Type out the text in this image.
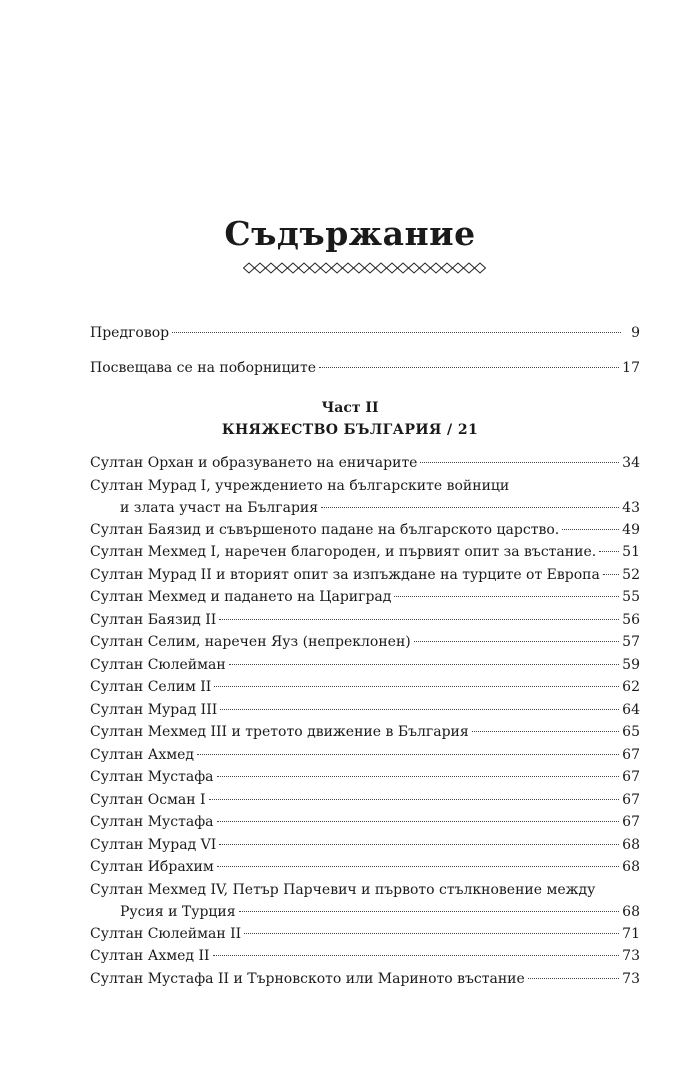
Съдържание
Предговор	9
Посвещава се на поборниците	17
Част II
КНЯЖЕСТВО БЪЛГАРИЯ / 21
Султан Орхан и образуването на еничарите	34
Султан Мурад I, учреждението на българските войници
и злата участ на България	43
Султан Баязид и съвършеното падане на българското царство.	49
Султан Мехмед I, наречен благороден, и първият опит за въстание. 51
Султан Мурад II и вторият опит за изпъждане на турците от Европа 52
Султан Мехмед и падането на Цариград	55
Султан Баязид II	56
Султан Селим, наречен Яуз (непреклонен)	57
Султан Сюлейман	59
Султан Селим II	62
Султан Мурад III	64
Султан Мехмед III и третото движение в България	65
Султан Ахмед	67
Султан Мустафа	67
Султан Осман I	67
Султан Мустафа	67
Султан Мурад VI	68
Султан Ибрахим	68
Султан Мехмед IV, Петър Парчевич и първото стълкновение между
Русия и Турция	68
Султан Сюлейман II	71
Султан Ахмед II	73
Султан Мустафа II и Търновското или Мариното въстание	73
